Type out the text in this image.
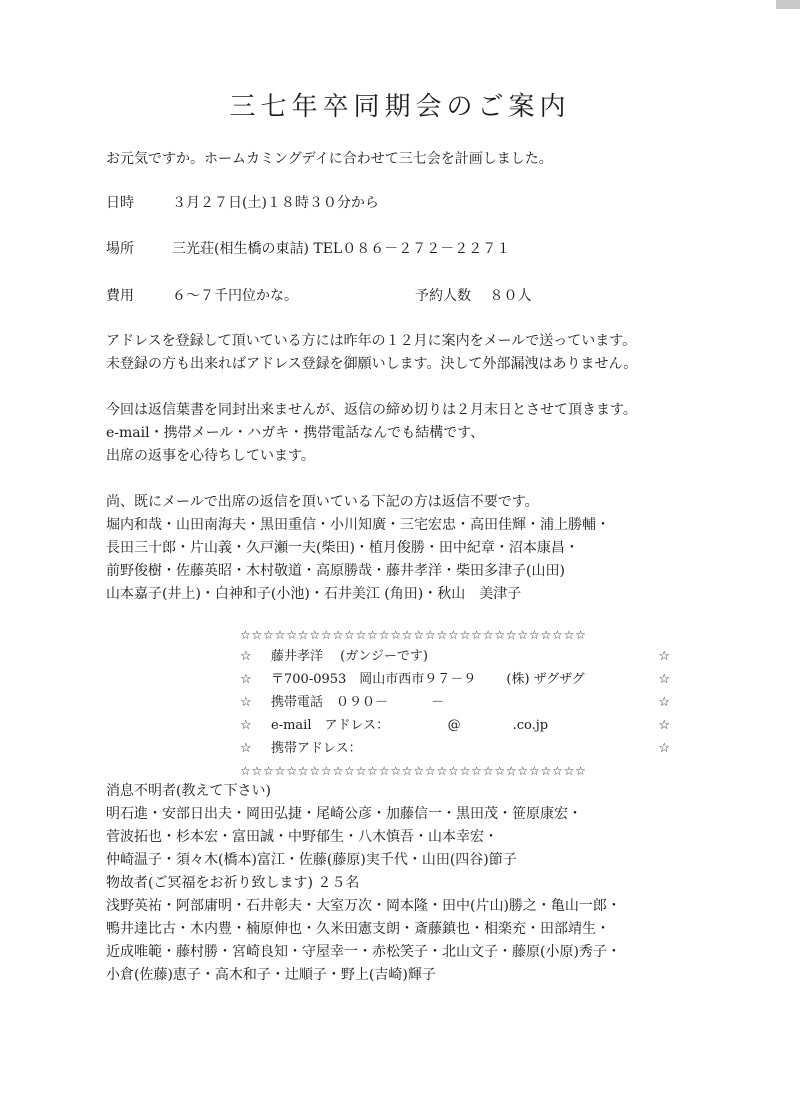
三七年卒同期会のご案内
お元気ですか。ホームカミングデイに合わせて三七会を計画しました。
日時	３月２７日(土)１８時３０分から
場所	三光荘(相生橋の東詰) TEL０８６－２７２－２２７１
費用	６～７千円位かな。	予約人数　 ８０人
アドレスを登録して頂いている方には昨年の１２月に案内をメールで送っています。
未登録の方も出来ればアドレス登録を御願いします。決して外部漏洩はありません。
今回は返信葉書を同封出来ませんが、返信の締め切りは２月末日とさせて頂きます。
e-mail・携帯メール・ハガキ・携帯電話なんでも結構です、
出席の返事を心待ちしています。
尚、既にメールで出席の返信を頂いている下記の方は返信不要です。
堀内和哉・山田南海夫・黒田重信・小川知廣・三宅宏忠・高田佳輝・浦上勝輔・
長田三十郎・片山義・久戸瀬一夫(柴田)・植月俊勝・田中紀章・沼本康昌・
前野俊樹・佐藤英昭・木村敬道・高原勝哉・藤井孝洋・柴田多津子(山田)
山本嘉子(井上)・白神和子(小池)・石井美江 (角田)・秋山　美津子
☆☆☆☆☆☆☆☆☆☆☆☆☆☆☆☆☆☆☆☆☆☆☆☆☆☆☆☆☆☆
☆ 藤井孝洋　 (ガンジーです)	☆
☆ 〒700-0953　岡山市西市９７－９　　 (株) ザグザグ	☆
☆ 携帯電話　０９０－　　　 －	☆
☆ e-mail　アドレス：　　　　　@　　　　.co.jp	☆
☆ 携帯アドレス：	☆
☆☆☆☆☆☆☆☆☆☆☆☆☆☆☆☆☆☆☆☆☆☆☆☆☆☆☆☆☆☆
消息不明者(教えて下さい)
明石進・安部日出夫・岡田弘捷・尾崎公彦・加藤信一・黒田茂・笹原康宏・
菅波拓也・杉本宏・富田誠・中野郁生・八木慎吾・山本幸宏・
仲崎温子・須々木(橋本)富江・佐藤(藤原)実千代・山田(四谷)節子
物故者(ご冥福をお祈り致します) ２５名
浅野英祐・阿部庸明・石井彰夫・大室万次・岡本隆・田中(片山)勝之・亀山一郎・
鴨井達比古・木内豊・楠原伸也・久米田憲支朗・斎藤鎮也・相楽充・田部靖生・
近成唯範・藤村勝・宮崎良知・守屋幸一・赤松笑子・北山文子・藤原(小原)秀子・
小倉(佐藤)恵子・高木和子・辻順子・野上(吉崎)輝子
